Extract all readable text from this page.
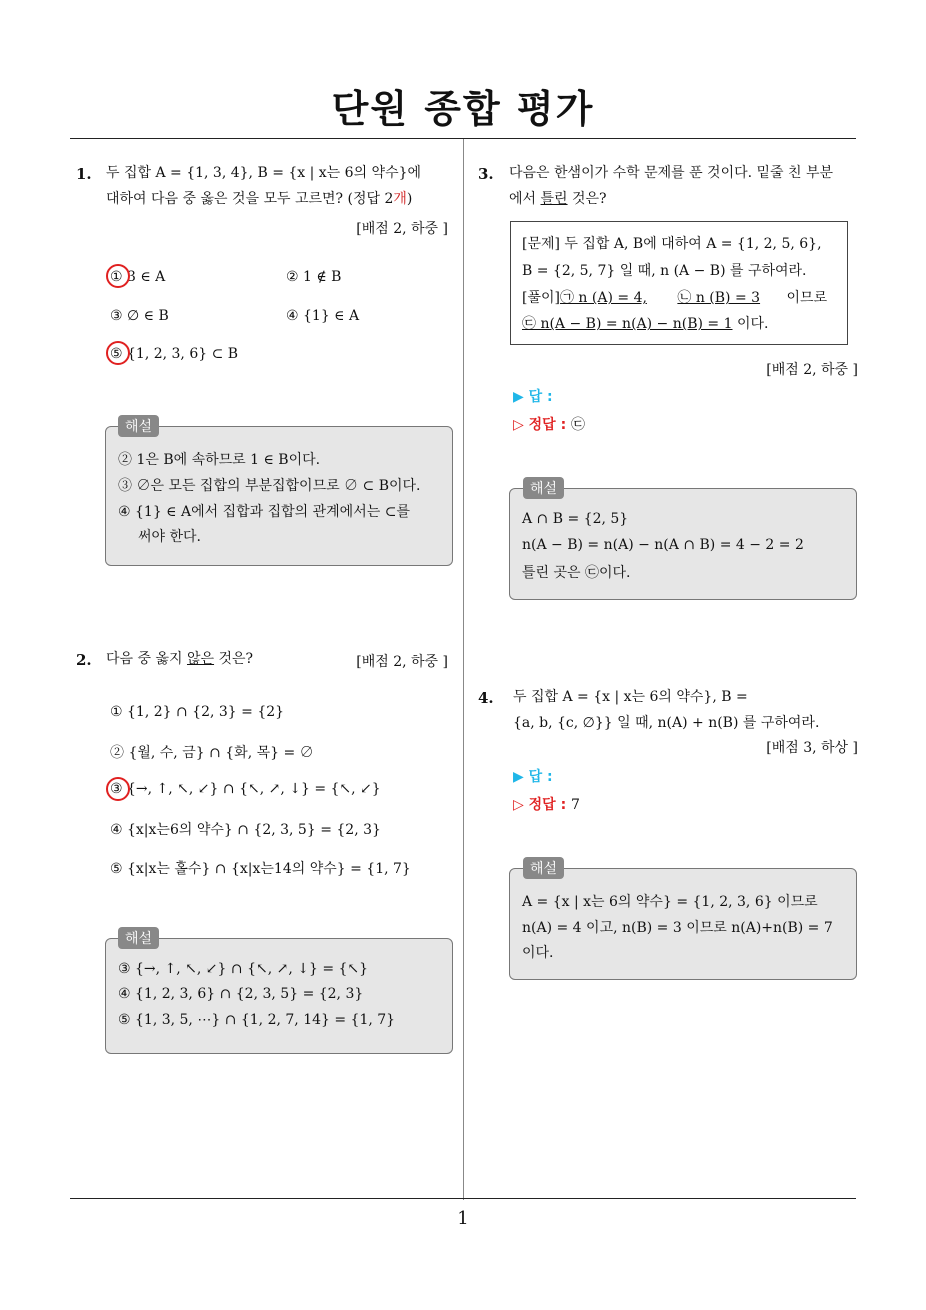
단원 종합 평가
1
1. 두 집합 A = {1, 3, 4}, B = {x | x는 6의 약수}에
대하여 다음 중 옳은 것을 모두 고르면? (정답 2개)
[배점 2, 하중 ]
① 3 ∈ A	② 1 ∉ B
③ ∅ ∈ B	④ {1} ∈ A
⑤ {1, 2, 3, 6} ⊂ B
② 1은 B에 속하므로 1 ∈ B이다.
③ ∅은 모든 집합의 부분집합이므로 ∅ ⊂ B이다.
④ {1} ∈ A에서 집합과 집합의 관계에서는 ⊂를
써야 한다.
해설
2. 다음 중 옳지 않은 것은?	[배점 2, 하중 ]
① {1, 2} ∩ {2, 3} = {2}
② {월, 수, 금} ∩ {화, 목} = ∅
③ {→, ↑, ↖, ↙} ∩ {↖, ↗, ↓} = {↖, ↙}
④ {x|x는6의 약수} ∩ {2, 3, 5} = {2, 3}
⑤ {x|x는 홀수} ∩ {x|x는14의 약수} = {1, 7}
③ {→, ↑, ↖, ↙} ∩ {↖, ↗, ↓} = {↖}
④ {1, 2, 3, 6} ∩ {2, 3, 5} = {2, 3}
⑤ {1, 3, 5, ⋯} ∩ {1, 2, 7, 14} = {1, 7}
해설
3. 다음은 한샘이가 수학 문제를 푼 것이다. 밑줄 친 부분
에서 틀린 것은?
[문제] 두 집합 A, B에 대하여 A = {1, 2, 5, 6},
B = {2, 5, 7} 일 때, n (A − B) 를 구하여라.
[풀이]㉠ n (A) = 4, ㉡ n (B) = 3 이므로
㉢ n(A − B) = n(A) − n(B) = 1 이다.
[배점 2, 하중 ]
▶ 답 :
▷ 정답 : ㉢
A ∩ B = {2, 5}
n(A − B) = n(A) − n(A ∩ B) = 4 − 2 = 2
틀린 곳은 ㉢이다.
해설
4. 두 집합 A = {x | x는 6의 약수}, B =
{a, b, {c, ∅}} 일 때, n(A) + n(B) 를 구하여라.
[배점 3, 하상 ]
▶ 답 :
▷ 정답 : 7
A = {x | x는 6의 약수} = {1, 2, 3, 6} 이므로
n(A) = 4 이고, n(B) = 3 이므로 n(A)+n(B) = 7
이다.
해설
